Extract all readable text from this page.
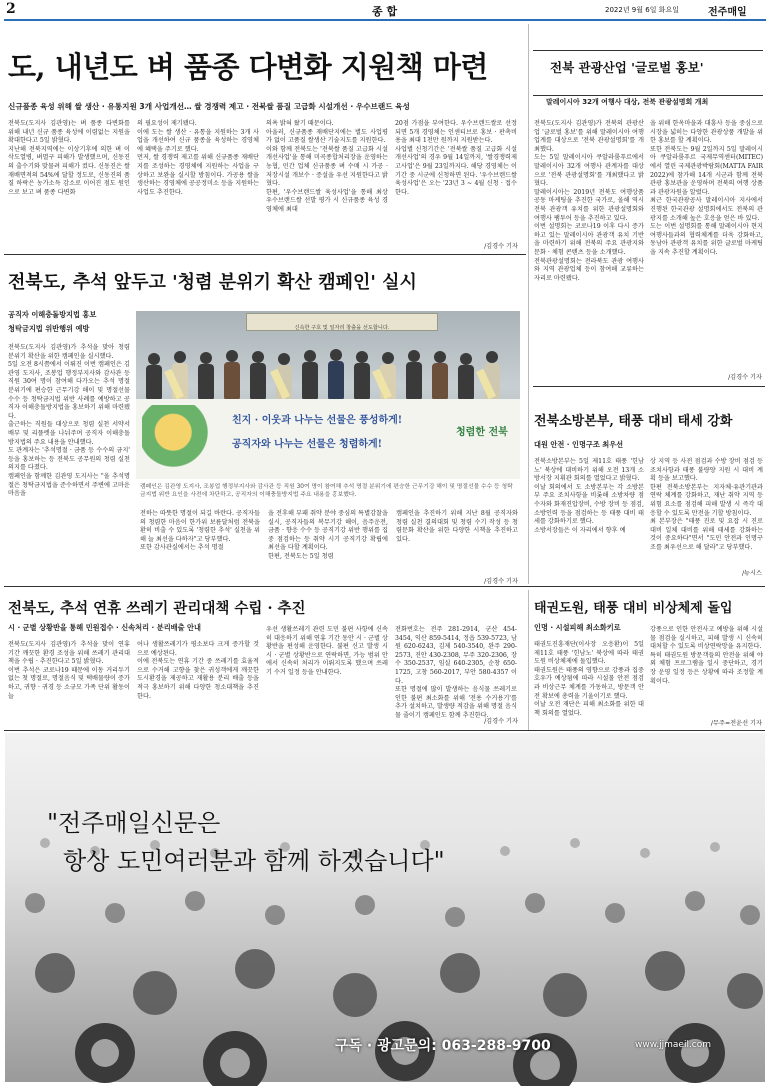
2	종 합	2022년 9월 6일 화요일	전주매일
도, 내년도 벼 품종 다변화 지원책 마련
신규품종 육성 위해 쌀 생산 · 유통지원 3개 사업개선… 쌀 경쟁력 제고 · 전북쌀 품질 고급화 시설개선 · 우수브랜드 육성
전북도(도지사 김관영)는 벼 품종 다변화를 위해 내년 신규 품종 육성에 이렴없는 지원을 확대한다고 5일 밝혔다.
지난해 전북지역에는 이상기후에 의한 벼 이삭도열병, 벼멸구 피해가 발생했으며, 신동진의 출수기와 맞물려 피해가 컸다. 신동진은 쌀 재배면적의 54%에 달할 정도로, 신동진의 품질 하락은 농가소득 감소로 이어진 점도 원인으로 보고 벼 품종 다변화
의 필요성이 제기됐다.
이에 도는 쌀 생산 · 유통을 지원하는 3개 사업을 개선하여 신규 품종을 육성하는 경영체에 혜택을 주기로 했다.
먼저, 쌀 경쟁력 제고를 위해 신규품종 재배단지를 조성하는 경영체에 지원하는 사업을 구상하고 보완을 실시할 방침이다. 가공용 쌀을 생산하는 경영체에 공공정미소 등을 지원하는 사업도 추진한다.
의욕 밝혀 왔기 때문이다.
아울러, 신규품종 재배단지에는 별도 사업평가 없이 고품질 쌀생산 기술지도를 지원한다.
이와 함께 전북도는 '전북쌀 품질 고급화 시설개선사업'을 통해 미곡종합처리장을 운영하는 농협, 민간 업체 신규품종 벼 수매 시 가공 · 저장시설 개보수 · 증설을 우선 지원한다고 밝혔다.
한편, '우수브랜드쌀 육성사업'을 통해 최상 우수브랜드쌀 선발 평가 시 신규품종 육성 경영체에 최대
20점 가점을 부여한다. 우수브랜드쌀로 선정되면 5개 경영체는 인센티브로 홍보 · 판촉비용을 최대 1천만 원까지 지원받는다.
사업별 신청기간은 '전북쌀 품질 고급화 시설개선사업'의 경우 9월 14일까지, '쌀경쟁력제고사업'은 9월 23일까지다. 해당 경영체는 이 기간 중 시군에 신청하면 된다. '우수브랜드쌀 육성사업'은 오는 '23년 3 ~ 4월 신청 · 접수한다.
/김경수 기자
전북 관광산업 '글로벌 홍보'
말레이시아 32개 여행사 대상, 전북 관광설명회 개최
전북도(도지사 김관영)가 전북의 관광산업 '글로벌 홍보'를 위해 말레이시아 여행업계를 대상으로 '전북 관광설명회'를 개최했다.
도는 5일 말레이시아 쿠알라룸푸르에서 말레이시아 32개 여행사 관계자를 대상으로 '전북 관광설명회'를 개최했다고 밝혔다.
말레이시아는 2019년 전북도 여행상품 공동 마케팅을 추진한 국가로, 올해 역시 전북 관광객 유치를 위한 관광설명회와 여행사 팸투어 등을 추진하고 있다.
이번 설명회는 코로나19 이후 다시 증가하고 있는 말레이시아 관광객 유치 기반을 마련하기 위해 전북의 주요 관광지와 문화 · 체험 콘텐츠 등을 소개했다.
전북관광설명회는 전라북도 관광 여행사와 지역 관광업체 등이 참여해 교류하는 자리로 마련됐다.
을 위해 한옥마을과 대흥사 등을 중심으로 시장을 넓히는 다양한 관광상품 개발을 위한 홍보를 할 계획이다.
또한 전북도는 9월 2일까지 5일 말레이시아 쿠알라룸푸르 국제무역센터(MITEC)에서 열린 국제관광박람회(MATTA FAIR 2022)에 참가해 14개 시군과 함께 전북 관광 홍보관을 운영하며 전북의 여행 상품과 관광자원을 알렸다.
최근 한국관광공사 말레이시아 지사에서 진행된 한국관광 설명회에서도 전북의 관광지를 소개해 높은 호응을 얻은 바 있다.
도는 이번 설명회를 통해 말레이시아 현지 여행사들과의 협력체계를 더욱 강화하고, 동남아 관광객 유치를 위한 글로벌 마케팅을 지속 추진할 계획이다.
/김경수 기자
전북도, 추석 앞두고 '청렴 분위기 확산 캠페인' 실시
공직자 이해충돌방지법 홍보
청탁금지법 위반행위 예방
전북도(도지사 김관영)가 추석을 맞아 청렴 분위기 확산을 위한 캠페인을 실시했다.
5일 오전 8시쯤에서 이뤄진 이번 캠페인은 김관영 도지사, 조봉업 행정부지사와 감사관 등 직원 30여 명이 참여해 다가오는 추석 명절 분위기에 편승한 근무기강 해이 및 명절선물 수수 등 청탁금지법 위반 사례를 예방하고 공직자 이해충돌방지법을 홍보하기 위해 마련됐다.
출근하는 직원들 대상으로 청렴 실천 서약서 배부 및 리플렛을 나눠주며 공직자 이해충돌방지법의 주요 내용을 안내했다.
도 관계자는 '추석명절 · 금품 등 수수의 금지' 등을 홍보하는 등 전북도 공무원의 청렴 실천 의지를 다졌다.
캠페인을 함께한 김관영 도지사는 "올 추석명절은 청탁금지법을 준수하면서 주변에 고마운 마음을
신속한 구호 및 일자리 창출을 선도합니다.
친지 · 이웃과 나누는 선물은 풍성하게!
공직자와 나누는 선물은 청렴하게!
청렴한 전북
캠페인은 김관영 도지사, 조봉업 행정부지사와 감사관 등 직원 30여 명이 참여해 추석 명절 분위기에 편승한 근무기강 해이 및 명절선물 수수 등 청탁금지법 위반 요인을 사전에 차단하고, 공직자의 이해충돌방지법 주요 내용을 홍보했다.
전하는 따뜻한 명절이 되길 바란다. 공직자들의 청렴한 마음이 한가위 보름달처럼 전북을 환히 비출 수 있도록 '청렴한 추석' 실천을 위해 늘 최선을 다하자"고 당부했다.
또한 감사관실에서는 추석 명절
을 전후해 부패 취약 분야 중심의 특별감찰을 실시, 공직자들의 복무기강 해이, 음주운전, 금품 · 향응 수수 등 공직기강 위반 행위를 집중 점검하는 등 취약 시기 공직기강 확립에 최선을 다할 계획이다.
한편, 전북도는 5일 청렴
캠페인을 추진하기 위해 지난 8월 공직자와 청렴 실천 결의대회 및 청렴 수기 작성 등 청렴문화 확산을 위한 다양한 시책을 추진하고 있다.
/김경수 기자
전북소방본부, 태풍 대비 태세 강화
대원 안전 · 인명구조 최우선
전북소방본부는 5일 제11호 태풍 '힌남노' 북상에 대비하기 위해 오전 13개 소방서장 지휘관 회의를 열었다고 밝혔다.
이날 회의에서 도 소방본부는 각 소방본부 주요 조치사항을 비롯해 소방차량 점수자와 화재진압장비, 수방 장비 등 점검, 소방인력 등을 점검하는 등 태풍 대비 태세를 강화하기로 했다.
소방서장들은 이 자리에서 향후 예
상 지역 등 사전 점검과 수방 장비 점검 등 조치사항과 태풍 불량양 지원 시 대비 계획 등을 보고했다.
한편 전북소방본부는 지자체·유관기관과 연락 체계를 강화하고, 재난 취약 지역 등 위험 요소를 점검해 피해 발생 시 즉각 대응할 수 있도록 만전을 기할 방침이다.
최 본부장은 "태풍 진로 및 요잡 시 진로 대비 일체 대비를 위해 태세를 강화하는 것이 중요하다"면서 "도민 안전과 인명구조를 최우선으로 해 달라"고 당부했다.
/뉴시스
전북도, 추석 연휴 쓰레기 관리대책 수립 · 추진
시 · 군별 상황반을 통해 민원접수 · 신속처리 · 분리배출 안내
전북도(도지사 김관영)가 추석을 맞이 연휴 기간 깨끗한 환경 조성을 위해 쓰레기 관리대책을 수립 · 추진한다고 5일 밝혔다.
이번 추석은 코로나19 때문에 이동 거리두기 없는 첫 명절로, 명절음식 및 택배물량이 증가하고, 귀향 · 귀경 등 소규모 가족 단위 활동이 늘
어나 생활쓰레기가 평소보다 크게 증가할 것으로 예상된다.
이에 전북도는 연휴 기간 중 쓰레기를 효율적으로 수거해 고향을 찾은 귀성객에게 깨끗한 도시환경을 제공하고 재활용 분리 배출 등을 적극 홍보하기 위해 다양한 청소대책을 추진한다.
우선 생활쓰레기 관련 도민 불편 사항에 신속히 대응하기 위해 연휴 기간 동안 시 · 군별 상황반을 편성해 운영한다. 불편 신고 발생 시 시 · 군별 상황반으로 연락하면, 가능 범위 안에서 신속히 처리가 이뤄지도록 했으며 쓰레기 수거 일정 등을 안내한다.
전화번호는 전주 281-2914, 군산 454-3454, 익산 859-5414, 정읍 539-5723, 남원 620-6243, 김제 540-3540, 완주 290-2573, 진안 430-2308, 무주 320-2306, 장수 350-2537, 임실 640-2305, 순창 650-1725, 고창 560-2017, 부안 580-4357 이다.
또한 명절에 많이 발생하는 음식물 쓰레기로 인한 불편 최소화를 위해 '전용 수거용기'를 추가 설치하고, 발생량 적감을 위해 명절 음식물 줄이기 캠페인도 함께 추진한다.
/김경수 기자
태권도원, 태풍 대비 비상체제 돌입
인명 · 시설피해 최소화키로
태권도진흥재단(이사장 오응환)이 5일 제11호 태풍 '힌남노' 북상에 따라 태권도원 비상체제에 돌입했다.
태권도원은 태풍의 영향으로 강풍과 집중호우가 예상됨에 따라 시설물 안전 점검과 비상근무 체계를 가동하고, 방문객 안전 확보에 총력을 기울이기로 했다.
이날 오전 재단은 피해 최소화를 위한 대책 회의를 열었다.
강풍으로 인한 안전사고 예방을 위해 시설물 점검을 실시하고, 피해 발생 시 신속히 대처할 수 있도록 비상연락망을 유지한다.
특히 태권도원 방문객들의 안전을 위해 야외 체험 프로그램을 일시 중단하고, 경기장 운영 일정 등은 상황에 따라 조정할 계획이다.
/무주=전윤선 기자
"전주매일신문은
항상 도민여러분과 함께 하겠습니다"
구독 · 광고문의: 063-288-9700	www.jjmaeil.com
